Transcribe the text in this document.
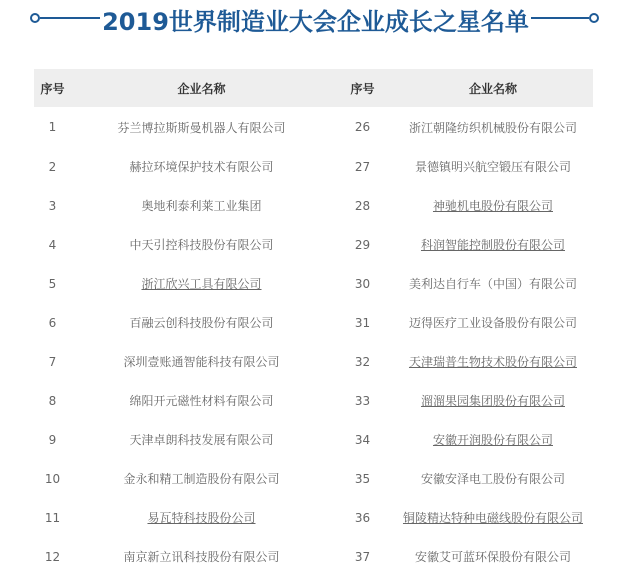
2019世界制造业大会企业成长之星名单
序号	企业名称	序号	企业名称
1	芬兰博拉斯斯曼机器人有限公司	26	浙江朝隆纺织机械股份有限公司
2	赫拉环境保护技术有限公司	27	景德镇明兴航空锻压有限公司
3	奥地利泰利莱工业集团	28	神驰机电股份有限公司
4	中天引控科技股份有限公司	29	科润智能控制股份有限公司
5	浙江欣兴工具有限公司	30	美利达自行车（中国）有限公司
6	百融云创科技股份有限公司	31	迈得医疗工业设备股份有限公司
7	深圳壹账通智能科技有限公司	32	天津瑞普生物技术股份有限公司
8	绵阳开元磁性材料有限公司	33	溜溜果园集团股份有限公司
9	天津卓朗科技发展有限公司	34	安徽开润股份有限公司
10	金永和精工制造股份有限公司	35	安徽安泽电工股份有限公司
11	易瓦特科技股份公司	36	铜陵精达特种电磁线股份有限公司
12	南京新立讯科技股份有限公司	37	安徽艾可蓝环保股份有限公司
